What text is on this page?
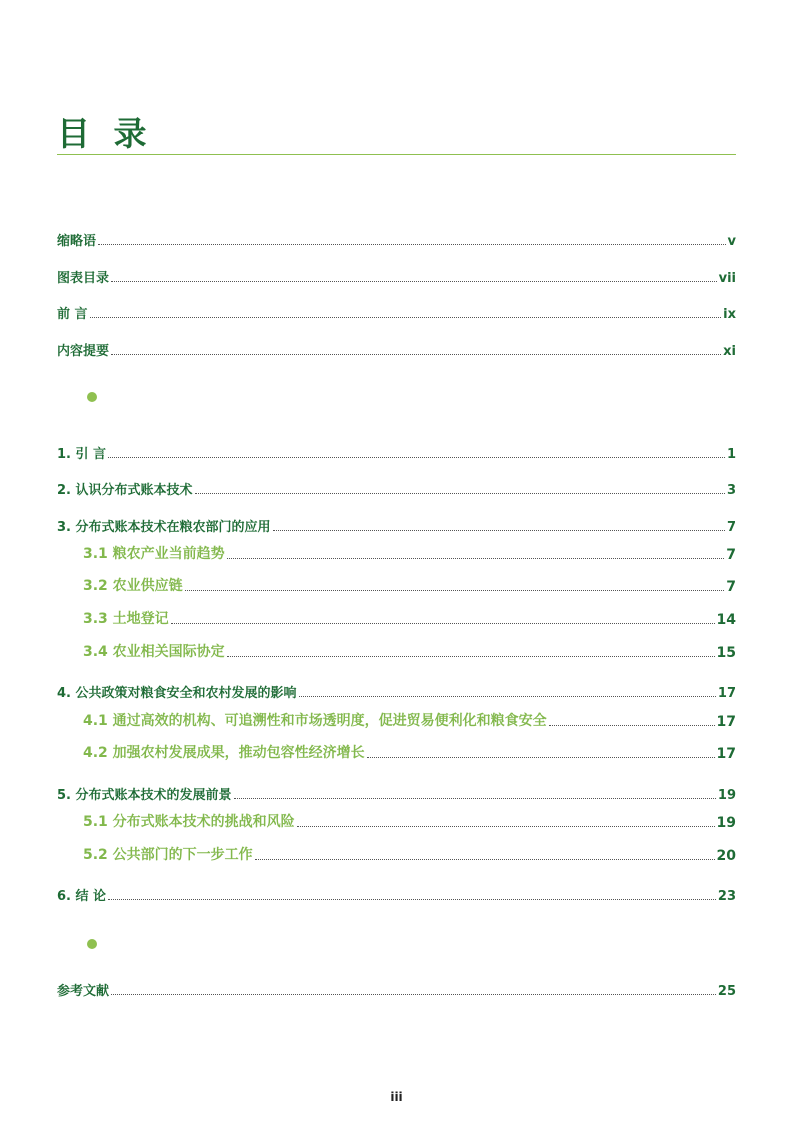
目 录
缩略语	v
图表目录	vii
前 言	ix
内容提要	xi
1. 引 言	1
2. 认识分布式账本技术	3
3. 分布式账本技术在粮农部门的应用	7
3.1 粮农产业当前趋势	7
3.2 农业供应链	7
3.3 土地登记	14
3.4 农业相关国际协定	15
4. 公共政策对粮食安全和农村发展的影响	17
4.1 通过高效的机构、可追溯性和市场透明度，促进贸易便利化和粮食安全	17
4.2 加强农村发展成果，推动包容性经济增长	17
5. 分布式账本技术的发展前景	19
5.1 分布式账本技术的挑战和风险	19
5.2 公共部门的下一步工作	20
6. 结 论	23
参考文献	25
iii
